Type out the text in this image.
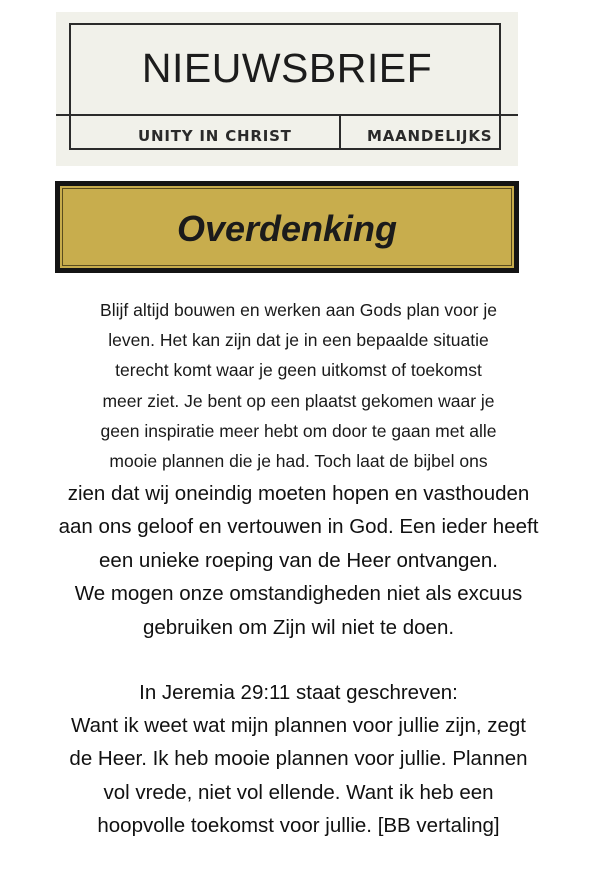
NIEUWSBRIEF
UNITY IN CHRIST	MAANDELIJKS
Overdenking
Blijf altijd bouwen en werken aan Gods plan voor je
leven. Het kan zijn dat je in een bepaalde situatie
terecht komt waar je geen uitkomst of toekomst
meer ziet. Je bent op een plaatst gekomen waar je
geen inspiratie meer hebt om door te gaan met alle
mooie plannen die je had. Toch laat de bijbel ons
zien dat wij oneindig moeten hopen en vasthouden
aan ons geloof en vertouwen in God. Een ieder heeft
een unieke roeping van de Heer ontvangen.
We mogen onze omstandigheden niet als excuus
gebruiken om Zijn wil niet te doen.
In Jeremia 29:11 staat geschreven:
Want ik weet wat mijn plannen voor jullie zijn, zegt
de Heer. Ik heb mooie plannen voor jullie. Plannen
vol vrede, niet vol ellende. Want ik heb een
hoopvolle toekomst voor jullie. [BB vertaling]
